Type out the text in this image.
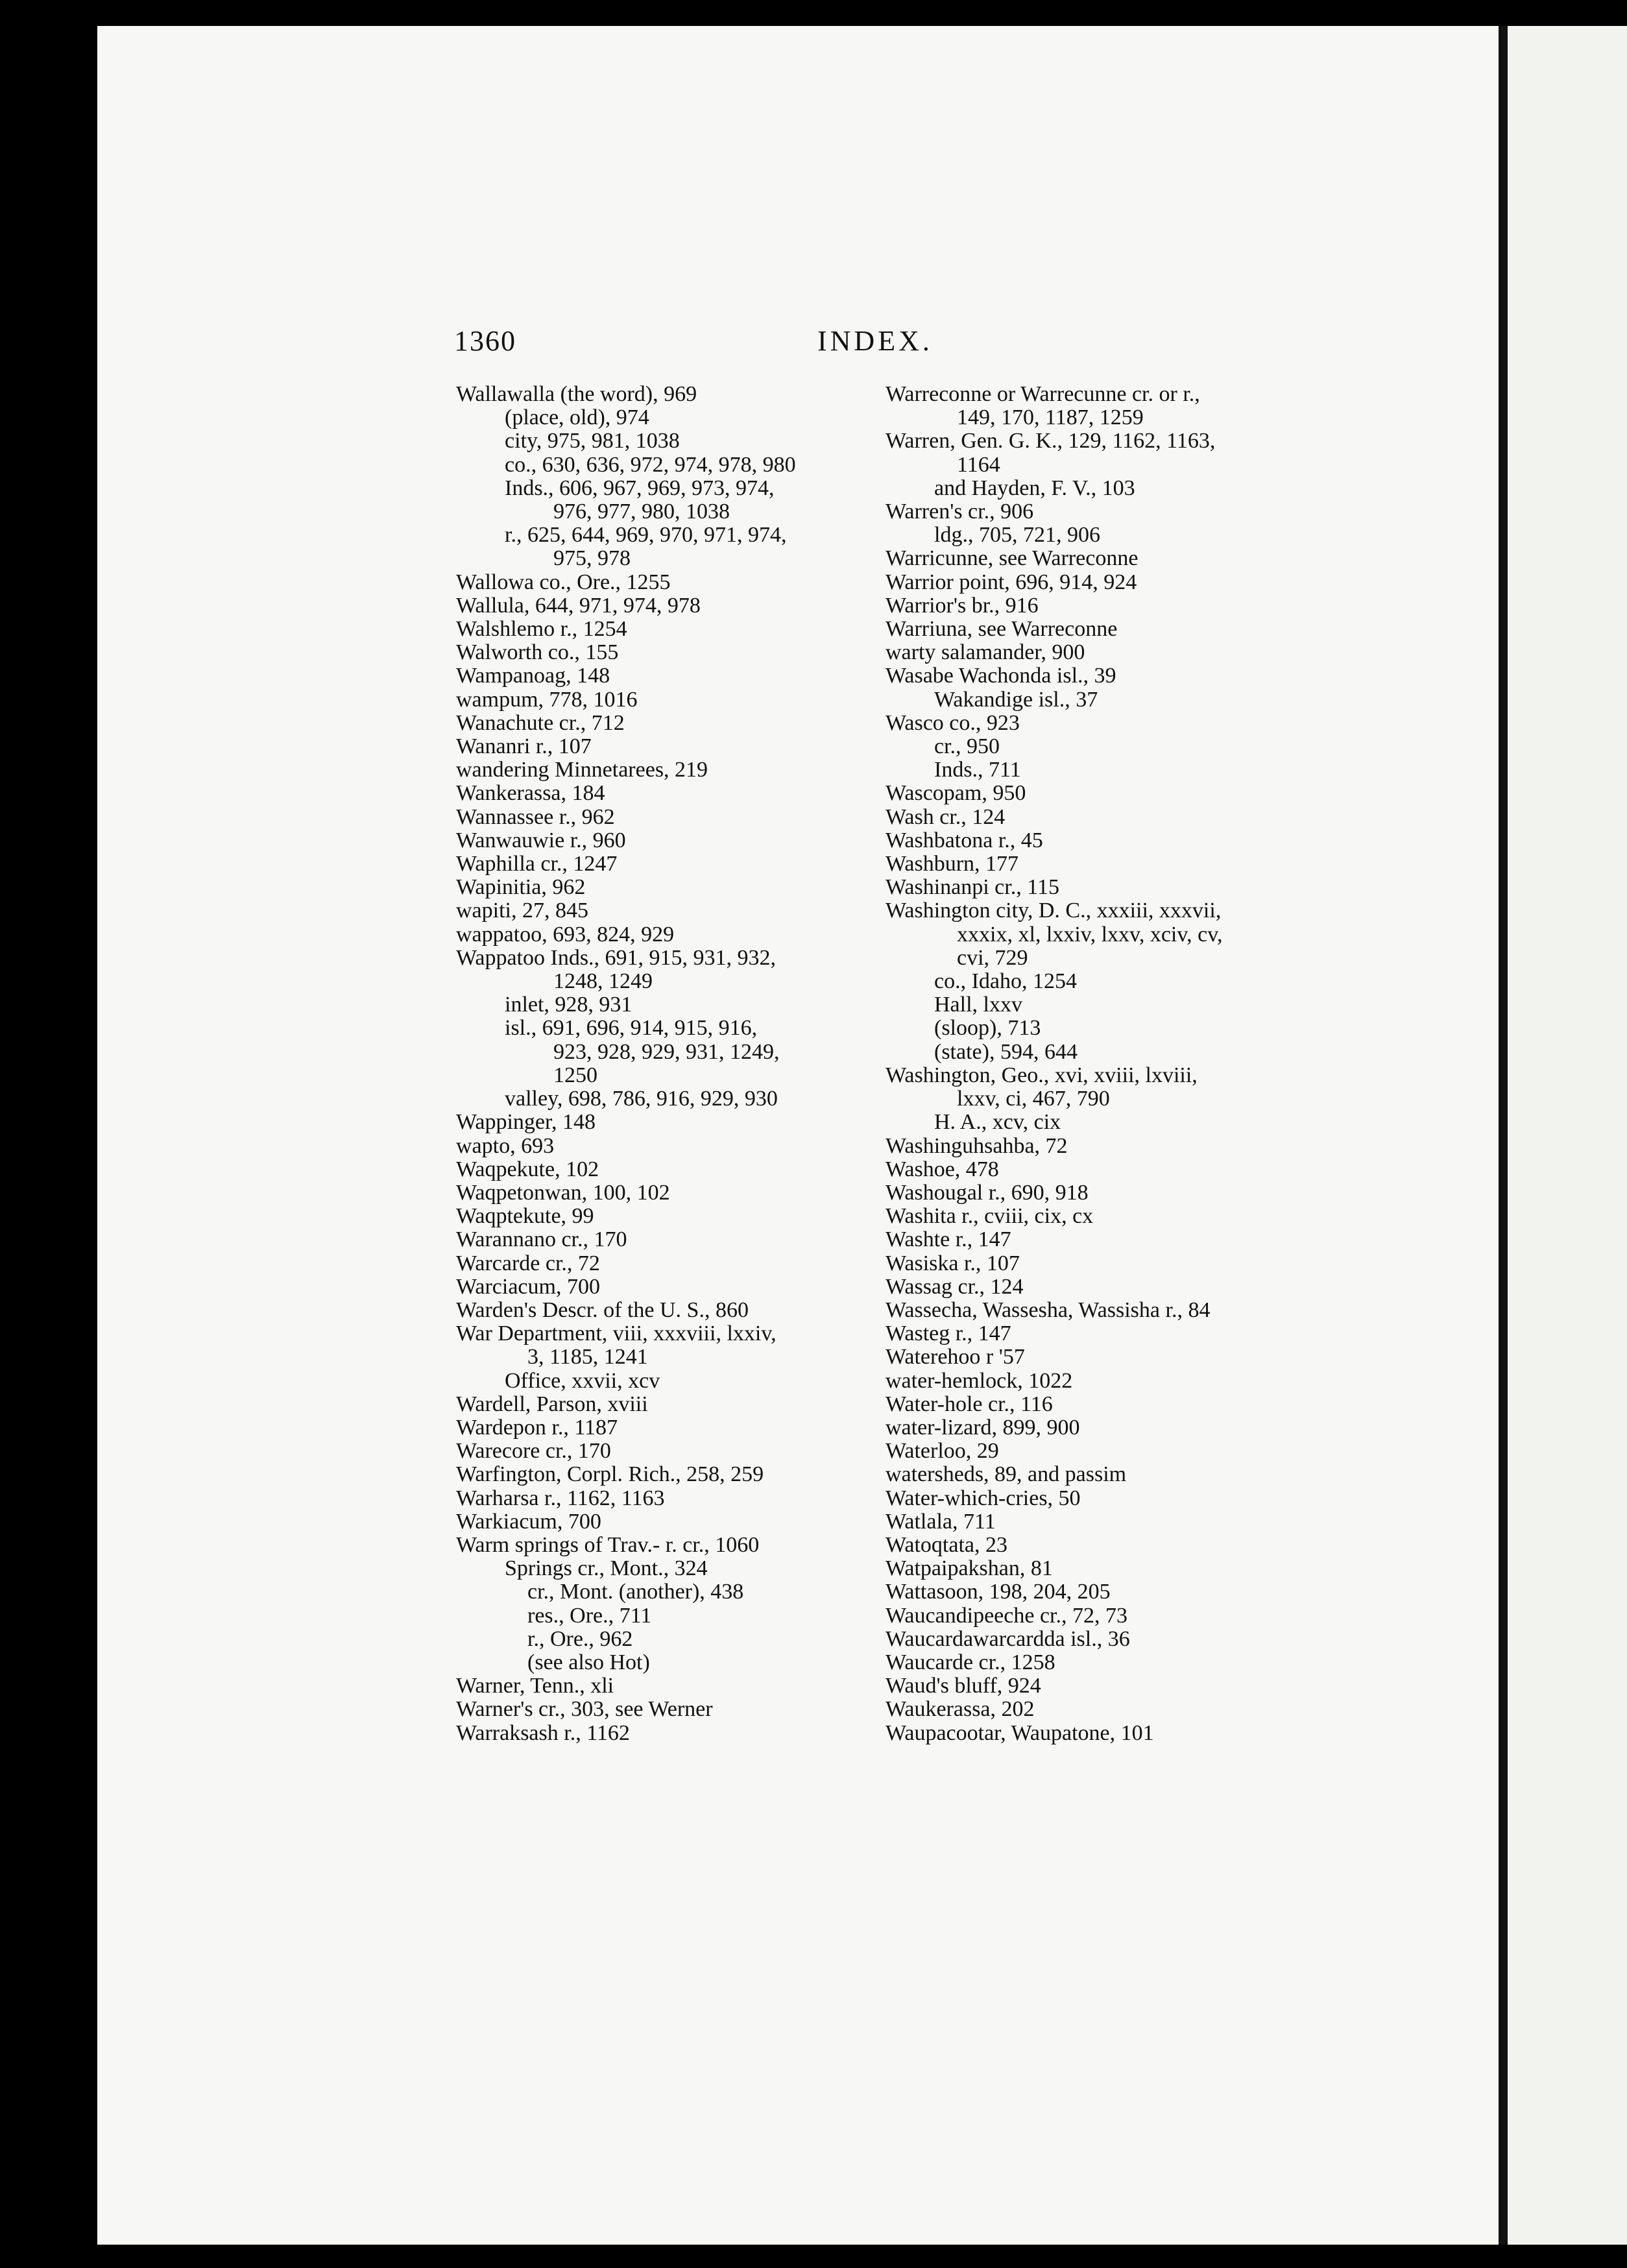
1360	INDEX.
Wallawalla (the word), 969
(place, old), 974
city, 975, 981, 1038
co., 630, 636, 972, 974, 978, 980
Inds., 606, 967, 969, 973, 974,
976, 977, 980, 1038
r., 625, 644, 969, 970, 971, 974,
975, 978
Wallowa co., Ore., 1255
Wallula, 644, 971, 974, 978
Walshlemo r., 1254
Walworth co., 155
Wampanoag, 148
wampum, 778, 1016
Wanachute cr., 712
Wananri r., 107
wandering Minnetarees, 219
Wankerassa, 184
Wannassee r., 962
Wanwauwie r., 960
Waphilla cr., 1247
Wapinitia, 962
wapiti, 27, 845
wappatoo, 693, 824, 929
Wappatoo Inds., 691, 915, 931, 932,
1248, 1249
inlet, 928, 931
isl., 691, 696, 914, 915, 916,
923, 928, 929, 931, 1249,
1250
valley, 698, 786, 916, 929, 930
Wappinger, 148
wapto, 693
Waqpekute, 102
Waqpetonwan, 100, 102
Waqptekute, 99
Warannano cr., 170
Warcarde cr., 72
Warciacum, 700
Warden's Descr. of the U. S., 860
War Department, viii, xxxviii, lxxiv,
3, 1185, 1241
Office, xxvii, xcv
Wardell, Parson, xviii
Wardepon r., 1187
Warecore cr., 170
Warfington, Corpl. Rich., 258, 259
Warharsa r., 1162, 1163
Warkiacum, 700
Warm springs of Trav.- r. cr., 1060
Springs cr., Mont., 324
cr., Mont. (another), 438
res., Ore., 711
r., Ore., 962
(see also Hot)
Warner, Tenn., xli
Warner's cr., 303, see Werner
Warraksash r., 1162
Warreconne or Warrecunne cr. or r.,
149, 170, 1187, 1259
Warren, Gen. G. K., 129, 1162, 1163,
1164
and Hayden, F. V., 103
Warren's cr., 906
ldg., 705, 721, 906
Warricunne, see Warreconne
Warrior point, 696, 914, 924
Warrior's br., 916
Warriuna, see Warreconne
warty salamander, 900
Wasabe Wachonda isl., 39
Wakandige isl., 37
Wasco co., 923
cr., 950
Inds., 711
Wascopam, 950
Wash cr., 124
Washbatona r., 45
Washburn, 177
Washinanpi cr., 115
Washington city, D. C., xxxiii, xxxvii,
xxxix, xl, lxxiv, lxxv, xciv, cv,
cvi, 729
co., Idaho, 1254
Hall, lxxv
(sloop), 713
(state), 594, 644
Washington, Geo., xvi, xviii, lxviii,
lxxv, ci, 467, 790
H. A., xcv, cix
Washinguhsahba, 72
Washoe, 478
Washougal r., 690, 918
Washita r., cviii, cix, cx
Washte r., 147
Wasiska r., 107
Wassag cr., 124
Wassecha, Wassesha, Wassisha r., 84
Wasteg r., 147
Waterehoo r '57
water-hemlock, 1022
Water-hole cr., 116
water-lizard, 899, 900
Waterloo, 29
watersheds, 89, and passim
Water-which-cries, 50
Watlala, 711
Watoqtata, 23
Watpaipakshan, 81
Wattasoon, 198, 204, 205
Waucandipeeche cr., 72, 73
Waucardawarcardda isl., 36
Waucarde cr., 1258
Waud's bluff, 924
Waukerassa, 202
Waupacootar, Waupatone, 101
